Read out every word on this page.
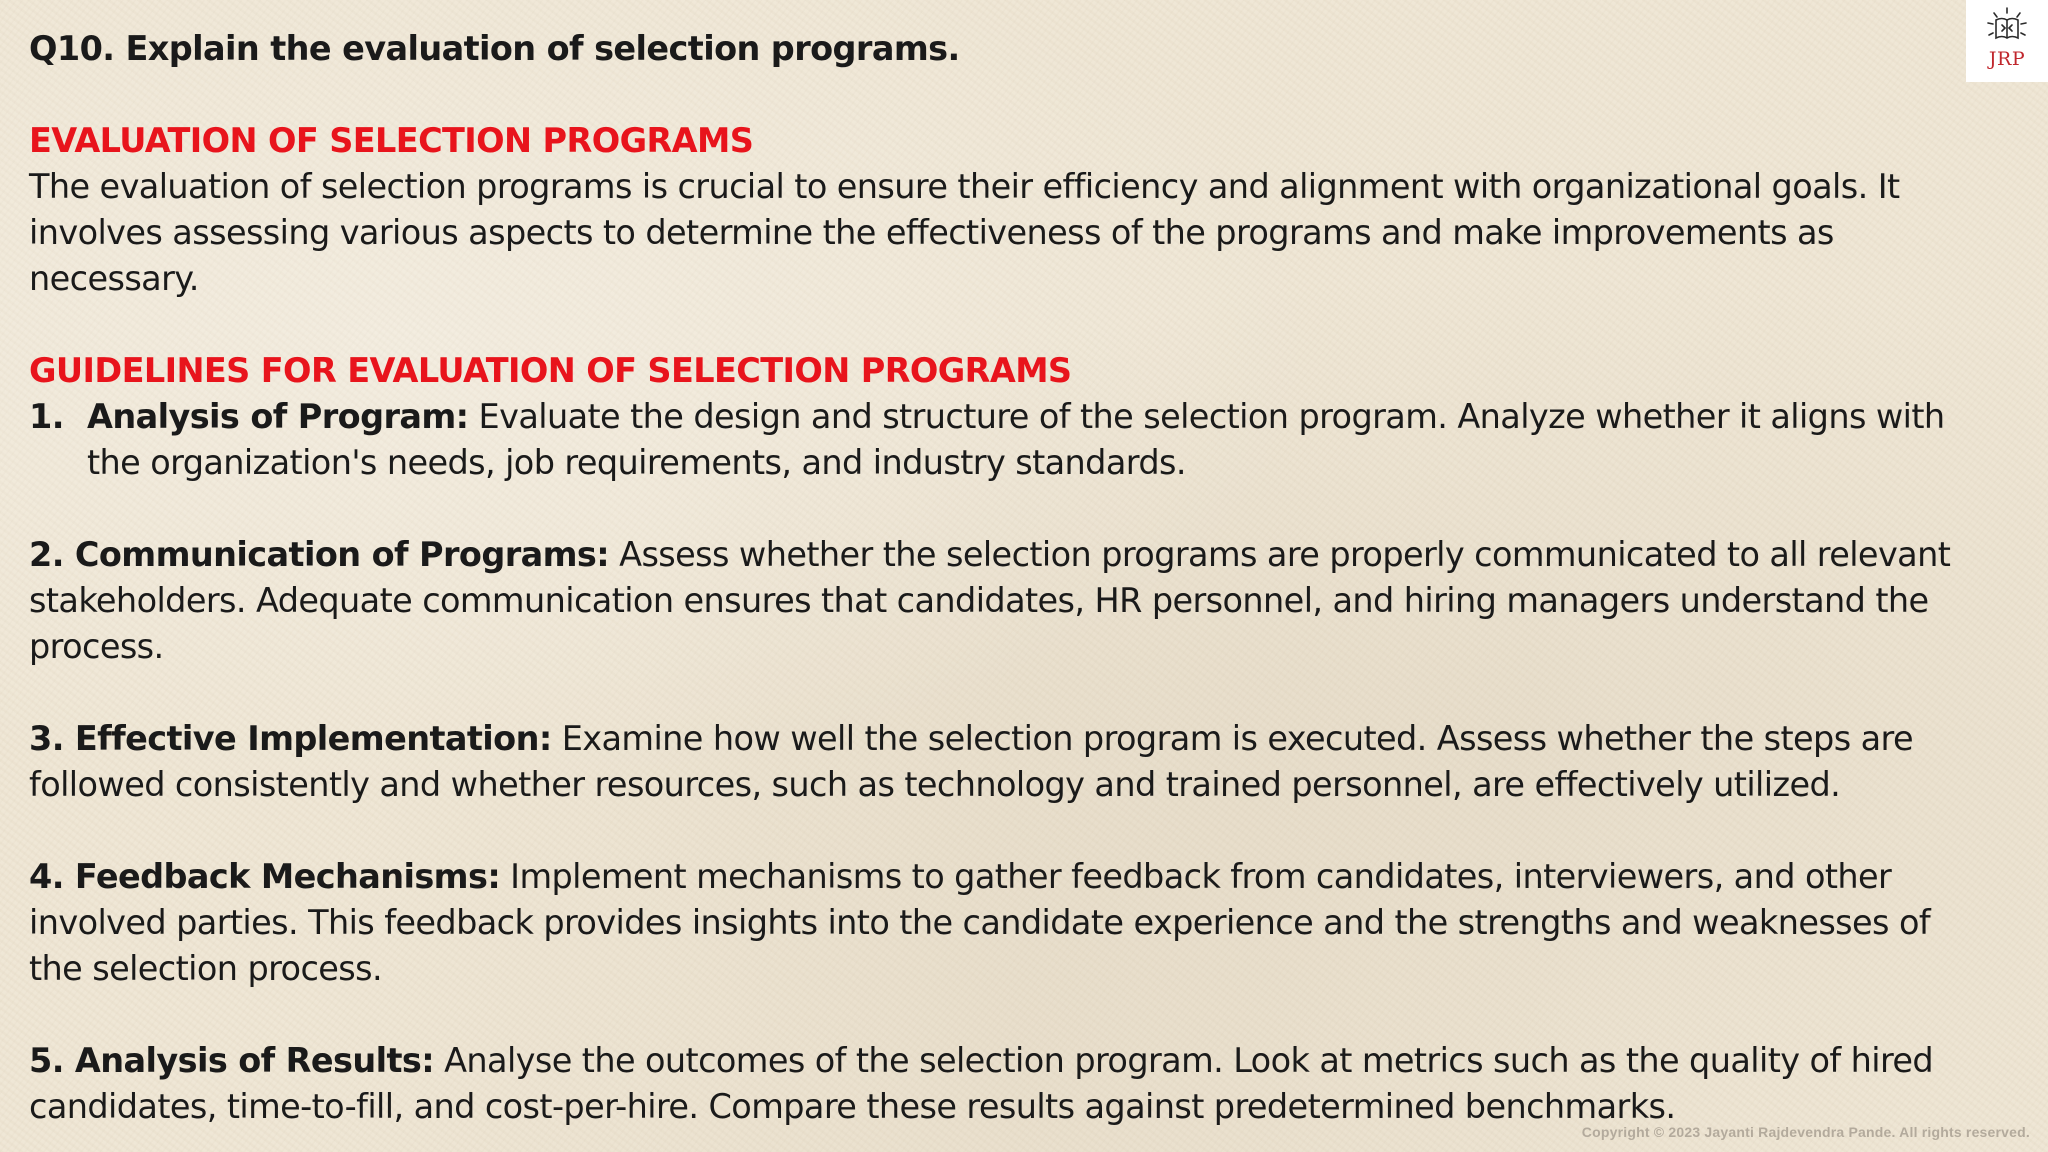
Q10. Explain the evaluation of selection programs.

EVALUATION OF SELECTION PROGRAMS

The evaluation of selection programs is crucial to ensure their efficiency and alignment with organizational goals. It involves assessing various aspects to determine the effectiveness of the programs and make improvements as necessary.

GUIDELINES FOR EVALUATION OF SELECTION PROGRAMS

1. Analysis of Program: Evaluate the design and structure of the selection program. Analyze whether it aligns with the organization's needs, job requirements, and industry standards.

2. Communication of Programs: Assess whether the selection programs are properly communicated to all relevant stakeholders. Adequate communication ensures that candidates, HR personnel, and hiring managers understand the process.

3. Effective Implementation: Examine how well the selection program is executed. Assess whether the steps are followed consistently and whether resources, such as technology and trained personnel, are effectively utilized.

4. Feedback Mechanisms: Implement mechanisms to gather feedback from candidates, interviewers, and other involved parties. This feedback provides insights into the candidate experience and the strengths and weaknesses of the selection process.

5. Analysis of Results: Analyse the outcomes of the selection program. Look at metrics such as the quality of hired candidates, time-to-fill, and cost-per-hire. Compare these results against predetermined benchmarks.

JRP
Copyright © 2023 Jayanti Rajdevendra Pande. All rights reserved.
